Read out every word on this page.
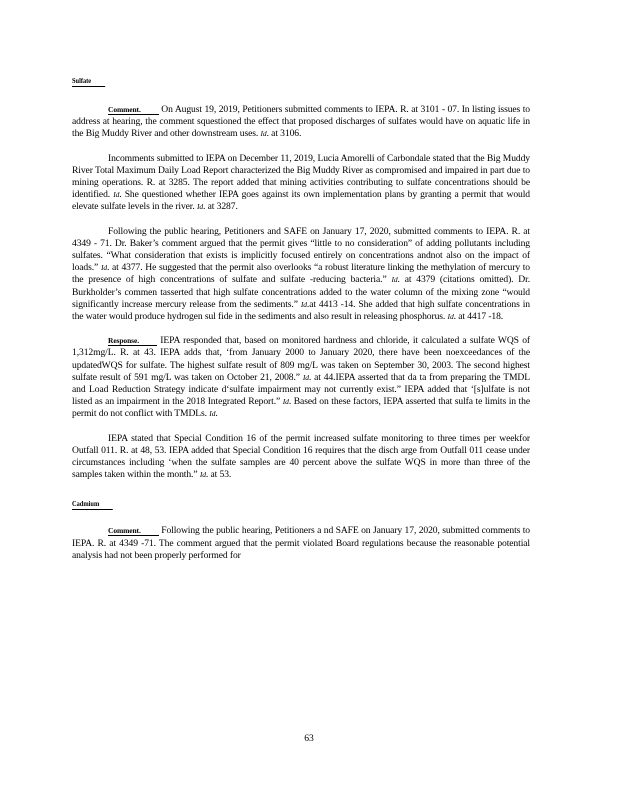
Sulfate

Comment. On August 19, 2019, Petitioners submitted comments to IEPA. R. at 3101 - 07. In listing issues to address at hearing, the comment squestioned the effect that proposed discharges of sulfates would have on aquatic life in the Big Muddy River and other downstream uses. Id. at 3106.

Incomments submitted to IEPA on December 11, 2019, Lucia Amorelli of Carbondale stated that the Big Muddy River Total Maximum Daily Load Report characterized the Big Muddy River as compromised and impaired in part due to mining operations. R. at 3285. The report added that mining activities contributing to sulfate concentrations should be identified. Id. She questioned whether IEPA goes against its own implementation plans by granting a permit that would elevate sulfate levels in the river. Id. at 3287.

Following the public hearing, Petitioners and SAFE on January 17, 2020, submitted comments to IEPA. R. at 4349 - 71. Dr. Baker’s comment argued that the permit gives “little to no consideration” of adding pollutants including sulfates. “What consideration that exists is implicitly focused entirely on concentrations andnot also on the impact of loads.” Id. at 4377. He suggested that the permit also overlooks “a robust literature linking the methylation of mercury to the presence of high concentrations of sulfate and sulfate -reducing bacteria.” Id. at 4379 (citations omitted). Dr. Burkholder’s commen tasserted that high sulfate concentrations added to the water column of the mixing zone “would significantly increase mercury release from the sediments.” Id.at 4413 -14. She added that high sulfate concentrations in the water would produce hydrogen sul fide in the sediments and also result in releasing phosphorus. Id. at 4417 -18.

Response. IEPA responded that, based on monitored hardness and chloride, it calculated a sulfate WQS of 1,312mg/L. R. at 43. IEPA adds that, ‘from January 2000 to January 2020, there have been noexceedances of the updatedWQS for sulfate. The highest sulfate result of 809 mg/L was taken on September 30, 2003. The second highest sulfate result of 591 mg/L was taken on October 21, 2008.” Id. at 44.IEPA asserted that da ta from preparing the TMDL and Load Reduction Strategy indicate d‘sulfate impairment may not currently exist.” IEPA added that ‘[s]ulfate is not listed as an impairment in the 2018 Integrated Report.” Id. Based on these factors, IEPA asserted that sulfa te limits in the permit do not conflict with TMDLs. Id.

IEPA stated that Special Condition 16 of the permit increased sulfate monitoring to three times per weekfor Outfall 011. R. at 48, 53. IEPA added that Special Condition 16 requires that the disch arge from Outfall 011 cease under circumstances including ‘when the sulfate samples are 40 percent above the sulfate WQS in more than three of the samples taken within the month.” Id. at 53.

Cadmium

Comment. Following the public hearing, Petitioners a nd SAFE on January 17, 2020, submitted comments to IEPA. R. at 4349 -71. The comment argued that the permit violated Board regulations because the reasonable potential analysis had not been properly performed for

63
